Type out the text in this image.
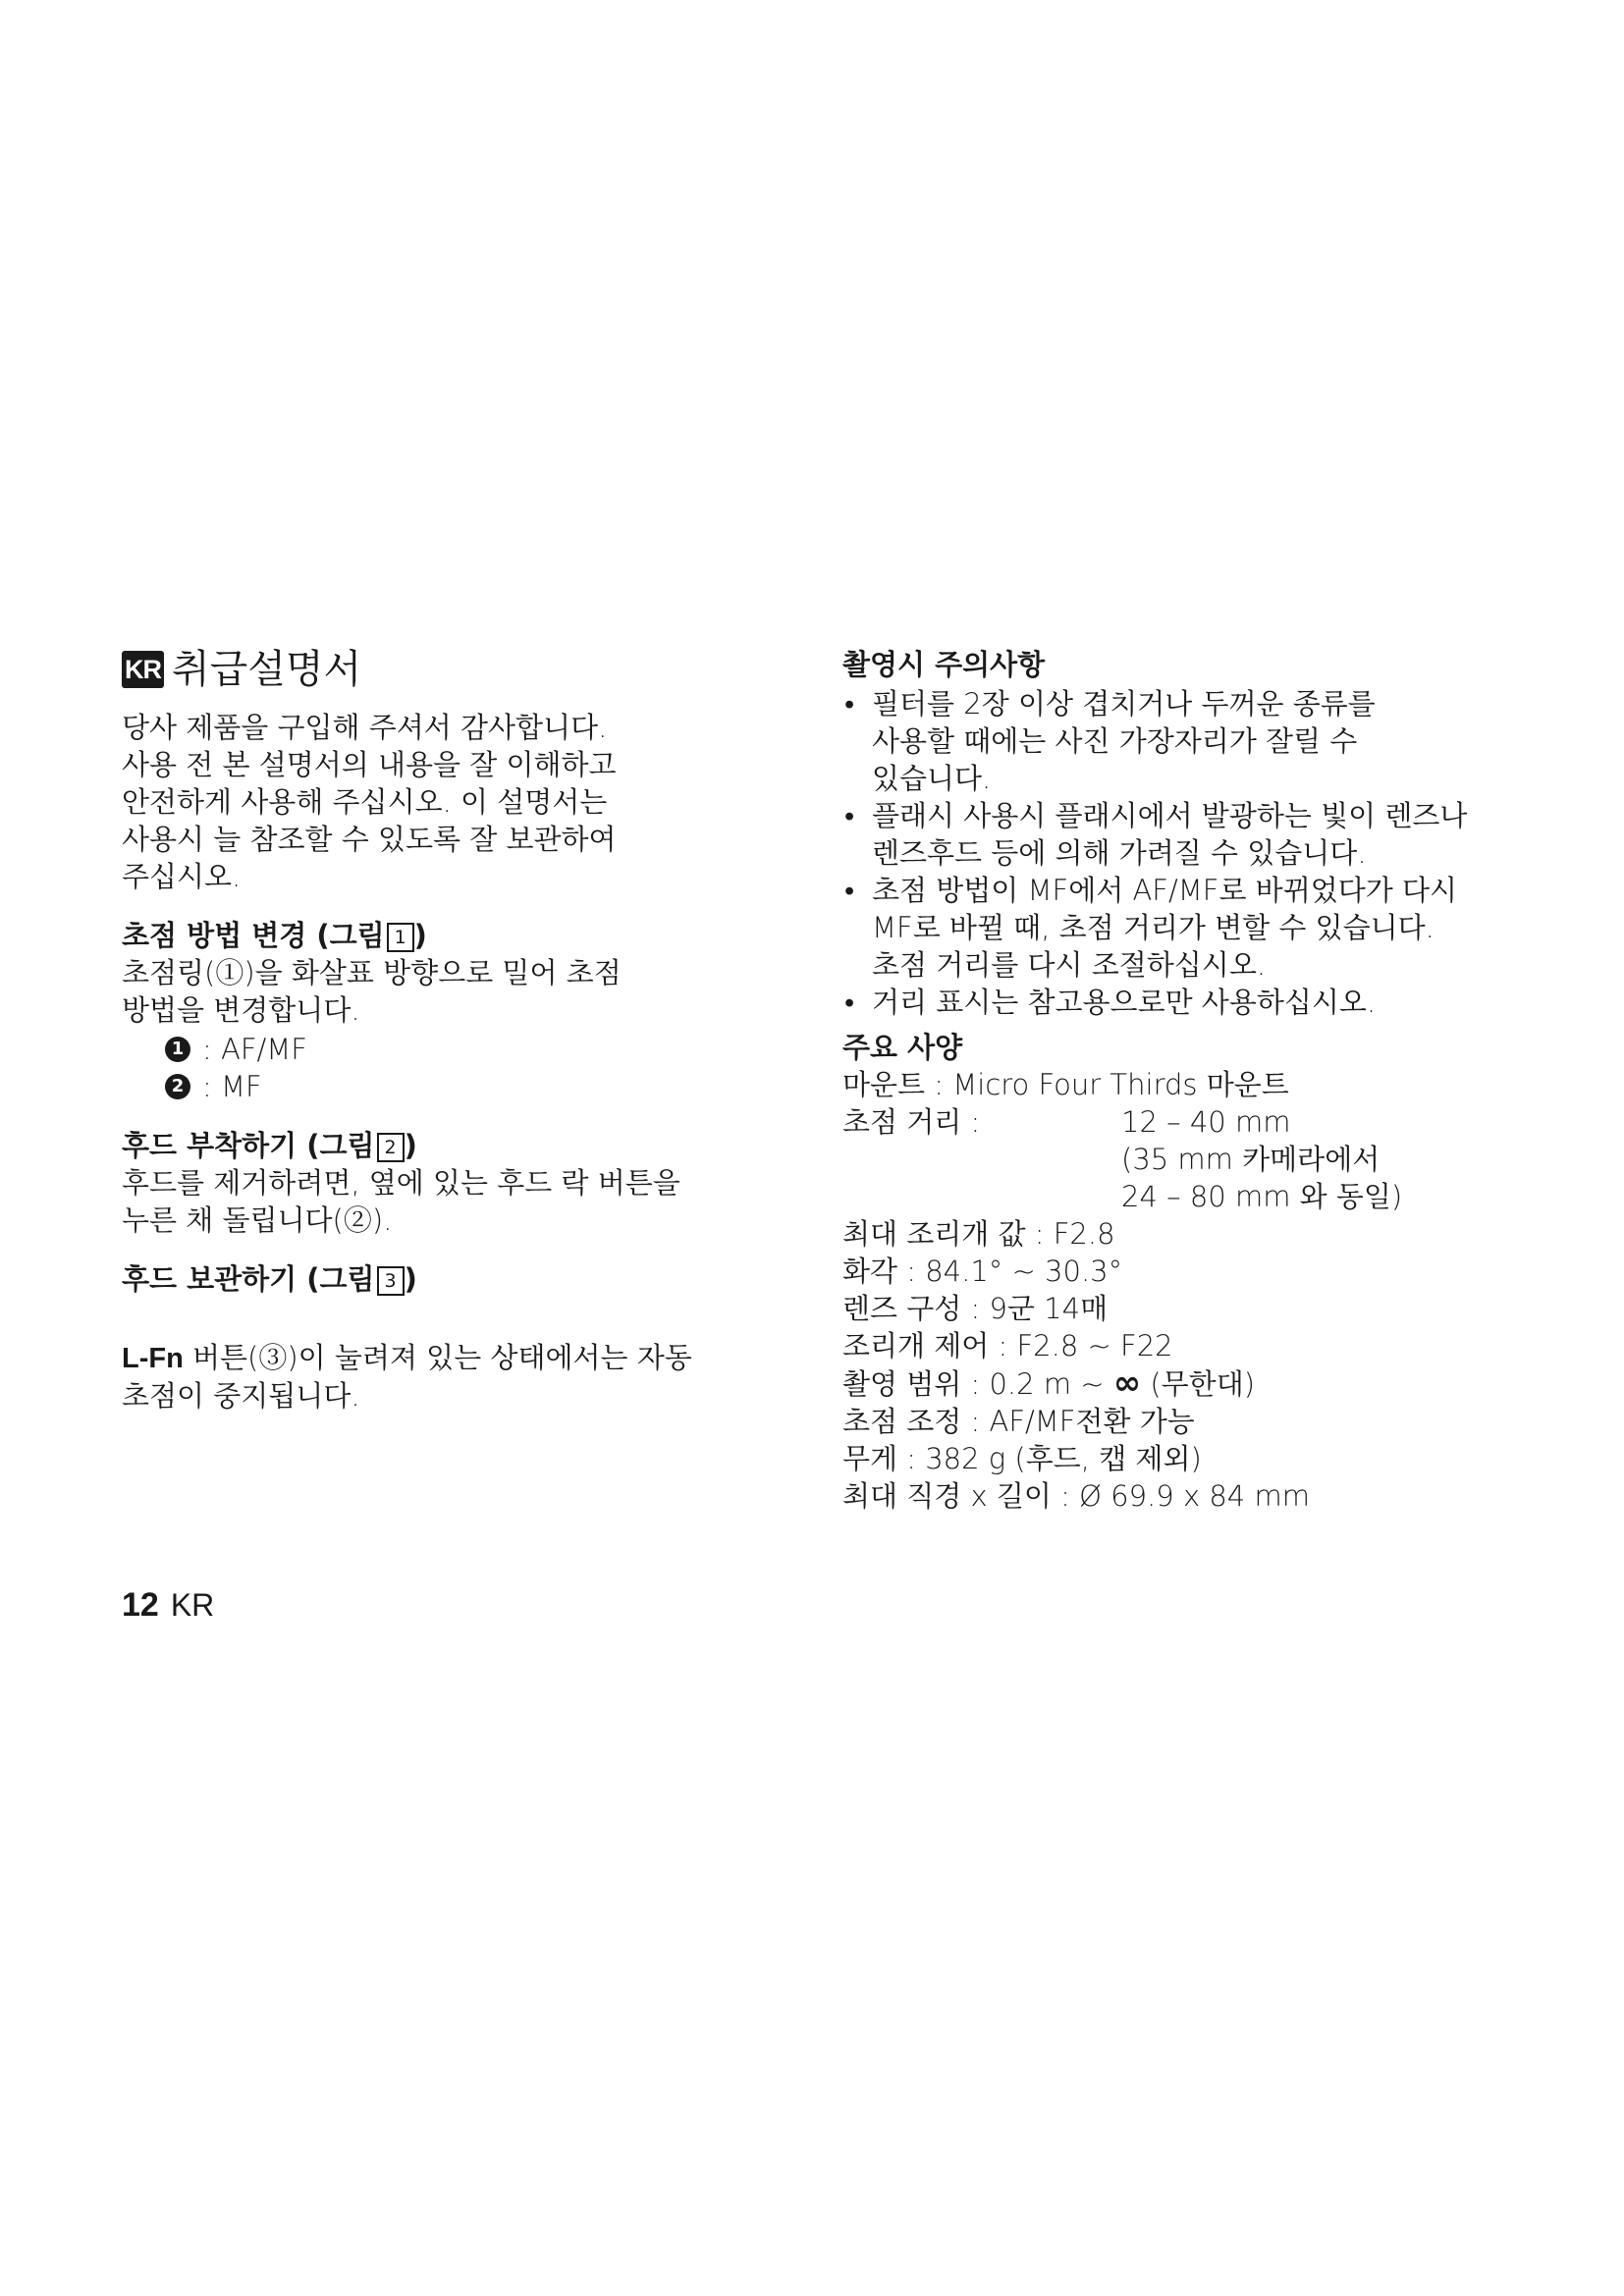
KR 취급설명서

당사 제품을 구입해 주셔서 감사합니다.

사용 전 본 설명서의 내용을 잘 이해하고

안전하게 사용해 주십시오. 이 설명서는

사용시 늘 참조할 수 있도록 잘 보관하여

주십시오.

초점 방법 변경 (그림 1 )

초점링(①)을 화살표 방향으로 밀어 초점

방법을 변경합니다.

1 : AF/MF
2 : MF

후드 부착하기 (그림 2 )

후드를 제거하려면, 옆에 있는 후드 락 버튼을

누른 채 돌립니다(②).

후드 보관하기 (그림 3 )

L-Fn 버튼(③)이 눌려져 있는 상태에서는 자동

초점이 중지됩니다.

촬영시 주의사항

• 필터를 2장 이상 겹치거나 두꺼운 종류를
사용할 때에는 사진 가장자리가 잘릴 수
있습니다.
• 플래시 사용시 플래시에서 발광하는 빛이 렌즈나
렌즈후드 등에 의해 가려질 수 있습니다.
• 초점 방법이 MF에서 AF/MF로 바뀌었다가 다시
MF로 바뀔 때, 초점 거리가 변할 수 있습니다.
초점 거리를 다시 조절하십시오.
• 거리 표시는 참고용으로만 사용하십시오.

주요 사양

마운트 : Micro Four Thirds 마운트
초점 거리 :	12 – 40 mm
(35 mm 카메라에서
24 – 80 mm 와 동일)
최대 조리개 값 : F2.8
화각 : 84.1° ~ 30.3°
렌즈 구성 : 9군 14매
조리개 제어 : F2.8 ~ F22
촬영 범위 : 0.2 m ~ ∞ (무한대)
초점 조정 : AF/MF전환 가능
무게 : 382 g (후드, 캡 제외)
최대 직경 x 길이 : Ø 69.9 x 84 mm
12 KR
